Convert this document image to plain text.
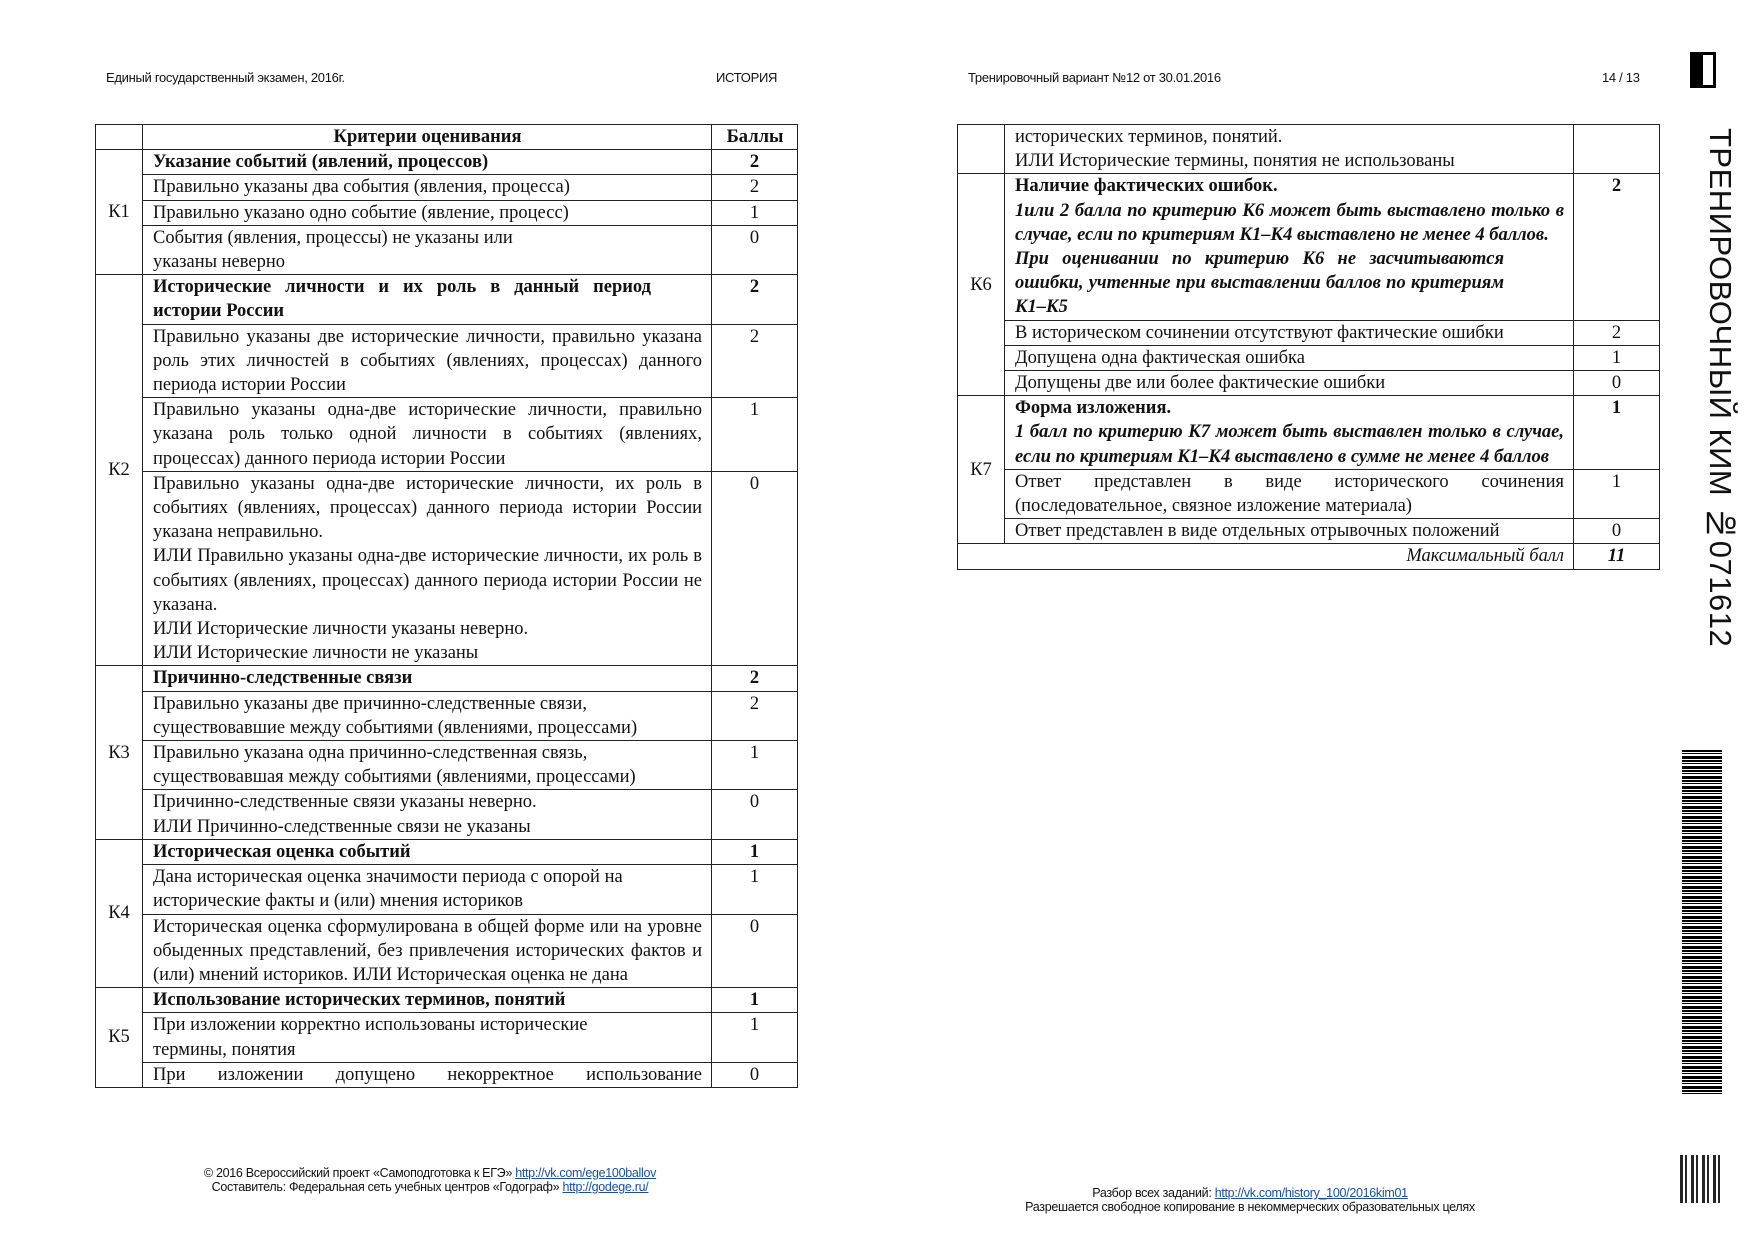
Единый государственный экзамен, 2016г.	ИСТОРИЯ	Тренировочный вариант №12 от 30.01.2016	14 / 13
	Критерии оценивания	Баллы
К1	Указание событий (явлений, процессов)	2
	Правильно указаны два события (явления, процесса)	2
	Правильно указано одно событие (явление, процесс)	1
	События (явления, процессы) не указаны или указаны неверно	0
К2	Исторические личности и их роль в данный период истории России	2
	Правильно указаны две исторические личности, правильно указана роль этих личностей в событиях (явлениях, процессах) данного периода истории России	2
	Правильно указаны одна-две исторические личности, правильно указана роль только одной личности в событиях (явлениях, процессах) данного периода истории России	1

	Правильно указаны одна-две исторические личности, их роль в событиях (явлениях, процессах) данного периода истории России указана неправильно.
ИЛИ Правильно указаны одна-две исторические личности, их роль в событиях (явлениях, процессах) данного периода истории России не указана.
ИЛИ Исторические личности указаны неверно.
ИЛИ Исторические личности не указаны	0
К3	Причинно-следственные связи	2
	Правильно указаны две причинно-следственные связи, существовавшие между событиями (явлениями, процессами)	2
	Правильно указана одна причинно-следственная связь, существовавшая между событиями (явлениями, процессами)	1

	Причинно-следственные связи указаны неверно.
ИЛИ Причинно-следственные связи не указаны	0
К4	Историческая оценка событий	1
	Дана историческая оценка значимости периода с опорой на исторические факты и (или) мнения историков	1
	Историческая оценка сформулирована в общей форме или на уровне обыденных представлений, без привлечения исторических фактов и (или) мнений историков. ИЛИ Историческая оценка не дана	0
К5	Использование исторических терминов, понятий	1
	При изложении корректно использованы исторические термины, понятия	1
	При изложении допущено некорректное использование	0

	исторических терминов, понятий.
ИЛИ Исторические термины, понятия не использованы	

К6	Наличие фактических ошибок.
1или 2 балла по критерию К6 может быть выставлено только в случае, если по критериям К1–К4 выставлено не менее 4 баллов.
При оценивании по критерию К6 не засчитываются ошибки, учтенные при выставлении баллов по критериям К1–К5	2
	В историческом сочинении отсутствуют фактические ошибки	2
	Допущена одна фактическая ошибка	1
	Допущены две или более фактические ошибки	0
К7	Форма изложения.
1 балл по критерию К7 может быть выставлен только в случае, если по критериям К1–К4 выставлено в сумме не менее 4 баллов	1
	Ответ представлен в виде исторического сочинения (последовательное, связное изложение материала)	1
	Ответ представлен в виде отдельных отрывочных положений	0
Максимальный балл		11	ТРЕНИРОВОЧНЫЙ КИМ №071612
© 2016 Всероссийский проект «Самоподготовка к ЕГЭ» http://vk.com/ege100ballov
Составитель: Федеральная сеть учебных центров «Годограф» http://godege.ru/	Разбор всех заданий: http://vk.com/history_100/2016kim01
Разрешается свободное копирование в некоммерческих образовательных целях
